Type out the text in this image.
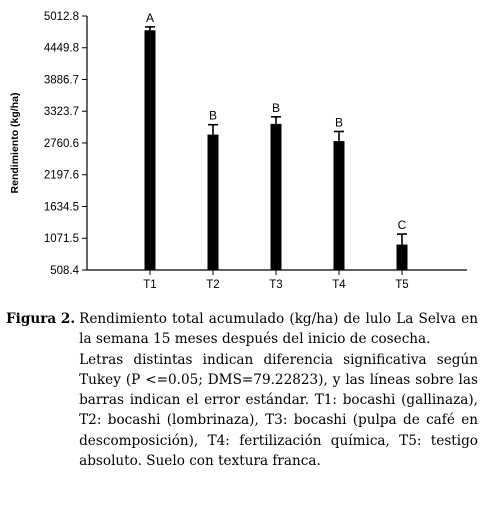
508.4
1071.5
1634.5
2197.6
2760.6
3323.7
3886.7
4449.8
5012.8
T1	T2	T3	T4	T5
A
B
B
B
C
Rendimiento (kg/ha)
Figura 2. Rendimiento total acumulado (kg/ha) de lulo La Selva en la semana 15 meses después del inicio de cosecha.

Letras distintas indican diferencia significativa según Tukey (P <=0.05; DMS=79.22823), y las líneas sobre las barras indican el error estándar. T1: bocashi (gallinaza), T2: bocashi (lombrinaza), T3: bocashi (pulpa de café en descomposición), T4: fertilización química, T5: testigo absoluto. Suelo con textura franca.
